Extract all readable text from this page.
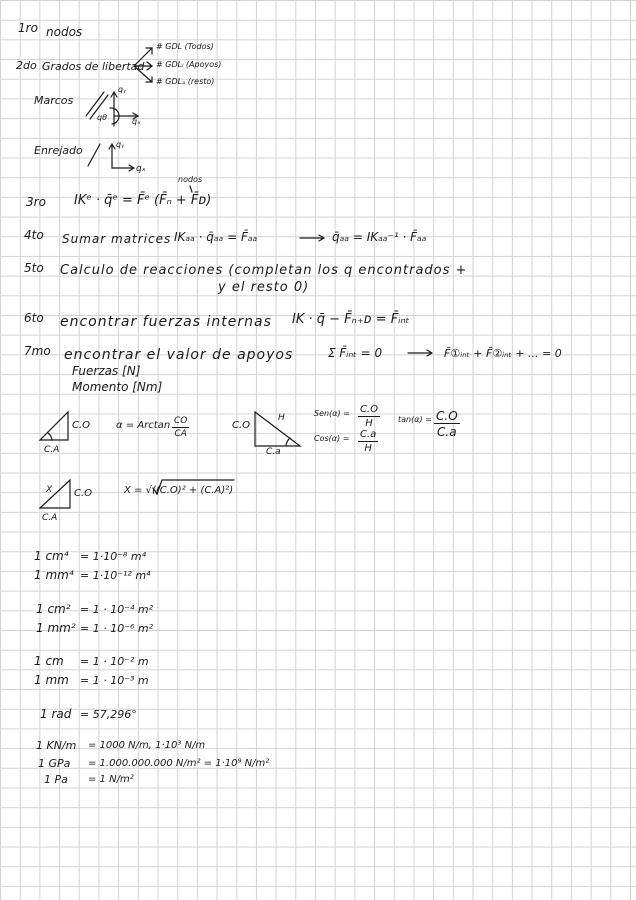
1ro nodos
2do Grados de libertad
# GDL (Todos)
# GDLₗ (Apoyos)
# GDLₐ (resto)
Marcos
qᵧ
qθ	qₓ
Enrejado	qᵧ
qₓ
3ro
nodos
IKᵉ · q̄ᵉ = F̄ᵉ (F̄ₙ + F̄ᴅ)
4to Sumar matrices IKₐₐ · q̄ₐₐ = F̄ₐₐ	q̄ₐₐ = IKₐₐ⁻¹ · F̄ₐₐ
5to Calculo de reacciones (completan los q encontrados +
y el resto 0)
6to encontrar fuerzas internas IK · q̄ − F̄ₙ₊ᴅ = F̄ᵢₙₜ
7mo encontrar el valor de apoyos	Σ F̄ᵢₙₜ = 0	F̄①ᵢₙₜ + F̄②ᵢₙₜ + ... = 0
Fuerzas [N]
Momento [Nm]
C.O
C.A
α = Arctan $\frac{CO}{CA}$	C.O
H
C.a
$Sen(\alpha) = \frac{C.O}{H}$
$Cos(\alpha) = \frac{C.a}{H}$
$\tan(\alpha) = \frac{C.O}{C.a}$
X C.O
C.A
X = √((C.O)² + (C.A)²)
1 cm⁴ = 1·10⁻⁸ m⁴
1 mm⁴ = 1·10⁻¹² m⁴
1 cm² = 1 · 10⁻⁴ m²
1 mm² = 1 · 10⁻⁶ m²
1 cm = 1 · 10⁻² m
1 mm = 1 · 10⁻³ m
1 rad = 57,296°
1 KN/m = 1000 N/m, 1·10³ N/m
1 GPa = 1.000.000.000 N/m² = 1·10⁹ N/m²
1 Pa = 1 N/m²
